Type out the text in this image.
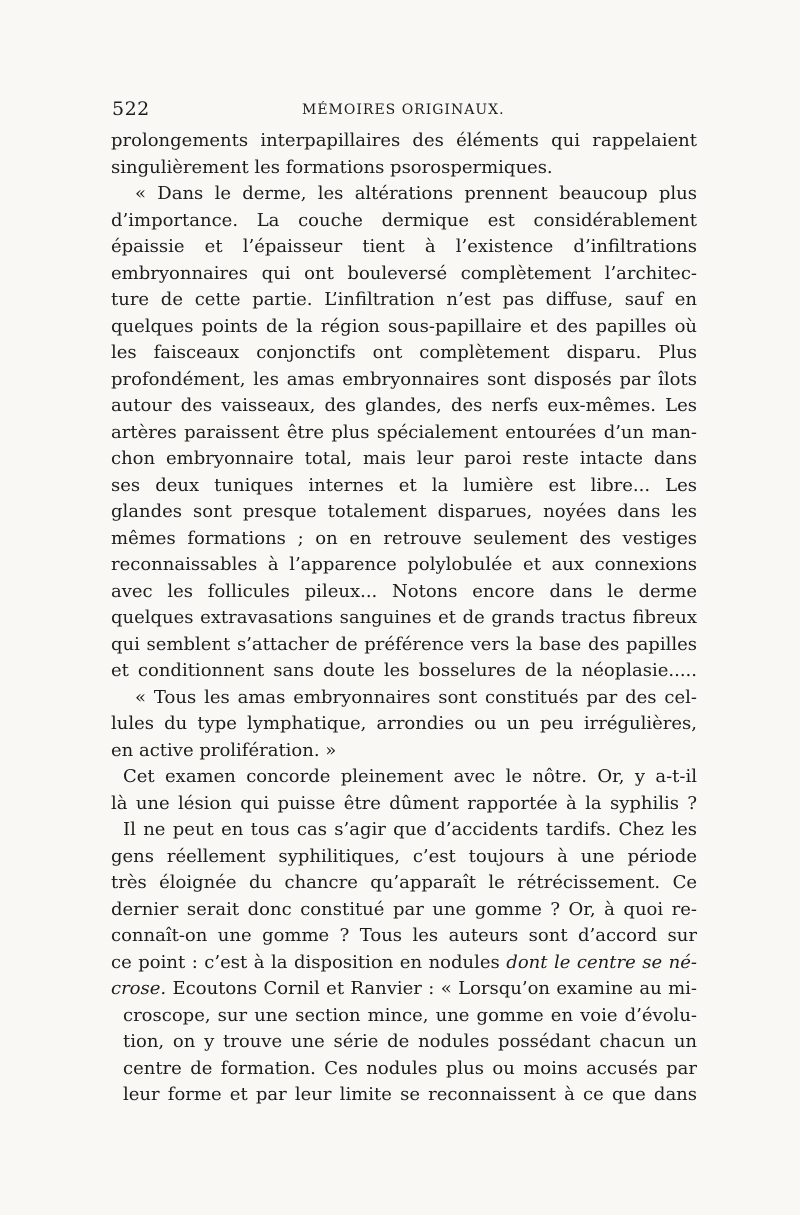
522	MÉMOIRES ORIGINAUX.
prolongements interpapillaires des éléments qui rappelaient
singulièrement les formations psorospermiques.
« Dans le derme, les altérations prennent beaucoup plus
d’importance. La couche dermique est considérablement
épaissie et l’épaisseur tient à l’existence d’infiltrations
embryonnaires qui ont bouleversé complètement l’architec-
ture de cette partie. L’infiltration n’est pas diffuse, sauf en
quelques points de la région sous-papillaire et des papilles où
les faisceaux conjonctifs ont complètement disparu. Plus
profondément, les amas embryonnaires sont disposés par îlots
autour des vaisseaux, des glandes, des nerfs eux-mêmes. Les
artères paraissent être plus spécialement entourées d’un man-
chon embryonnaire total, mais leur paroi reste intacte dans
ses deux tuniques internes et la lumière est libre... Les
glandes sont presque totalement disparues, noyées dans les
mêmes formations ; on en retrouve seulement des vestiges
reconnaissables à l’apparence polylobulée et aux connexions
avec les follicules pileux... Notons encore dans le derme
quelques extravasations sanguines et de grands tractus fibreux
qui semblent s’attacher de préférence vers la base des papilles
et conditionnent sans doute les bosselures de la néoplasie.....
« Tous les amas embryonnaires sont constitués par des cel-
lules du type lymphatique, arrondies ou un peu irrégulières,
en active prolifération. »
Cet examen concorde pleinement avec le nôtre. Or, y a-t-il
là une lésion qui puisse être dûment rapportée à la syphilis ?
Il ne peut en tous cas s’agir que d’accidents tardifs. Chez les
gens réellement syphilitiques, c’est toujours à une période
très éloignée du chancre qu’apparaît le rétrécissement. Ce
dernier serait donc constitué par une gomme ? Or, à quoi re-
connaît-on une gomme ? Tous les auteurs sont d’accord sur
ce point : c’est à la disposition en nodules dont le centre se né-
crose. Ecoutons Cornil et Ranvier : « Lorsqu’on examine au mi-
croscope, sur une section mince, une gomme en voie d’évolu-
tion, on y trouve une série de nodules possédant chacun un
centre de formation. Ces nodules plus ou moins accusés par
leur forme et par leur limite se reconnaissent à ce que dans
